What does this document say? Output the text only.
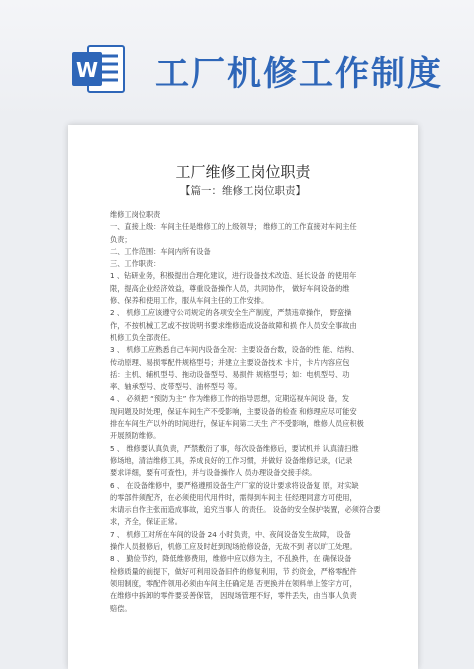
W 工厂机修工作制度
工厂维修工岗位职责
【篇一：维修工岗位职责】
维修工岗位职责
一、直接上级：车间主任是维修工的上级领导； 维修工的工作直接对车间主任
负责；
二、工作范围：车间内所有设备
三、工作职责：
1 、钻研业务，积极提出合理化建议，进行设备技术改造、延长设备 的使用年
限，提高企业经济效益，尊重设备操作人员，共同协作， 做好车间设备的维
修、保养和使用工作，服从车间主任的工作安排。
2 、 机修工应该遵守公司规定的各项安全生产制度，严禁违章操作， 野蛮操
作，不按机械工艺或不按说明书要求维修造成设备故障和损 作人员安全事故由
机修工负全部责任。
3 、 机修工应熟悉自己车间内设备全况：主要设备台数，设备的性 能、结构、
传动原理、易损零配件规格型号；并建立主要设备技术 卡片，卡片内容应包
括：主机、辅机型号、拖动设备型号、易损件 规格型号；如：电机型号、功
率、轴承型号、皮带型号、油杯型号 等。
4 、 必须把 “预防为主” 作为维修工作的指导思想，定期巡视车间设 备，发
现问题及时处理，保证车间生产不受影响，主要设备的检查 和修理应尽可能安
排在车间生产以外的时间进行，保证车间第二天生 产不受影响，维修人员应积极
开展预防维修。
5 、 维修要认真负责，严禁敷衍了事，每次设备维修后，要试机并 认真清扫维
修场地，清洁维修工具，养成良好的工作习惯，并做好 设备维修记录，(记录
要求详细，要有可查性)，并与设备操作人 员办理设备交接手续。
6 、 在设备维修中，要严格遵照设备生产厂家的设计要求将设备复 原，对实缺
的零部件须配齐，在必须使用代用件时，需得到车间主 任经理同意方可使用，
未请示自作主张而造成事故，追究当事人 的责任。 设备的安全保护装置，必须符合要
求，齐全，保证正常。
7 、 机修工对所在车间的设备 24 小时负责，中、夜间设备发生故障， 设备
操作人员报修后，机修工应及时赶到现场抢修设备，无故不到 者以旷工处理。
8 、 勤俭节约，降低维修费用，维修中应以修为主，不乱换件，在 确保设备
检修质量的前提下，做好可利用设备旧件的修复利用，节 约资金，严格零配件
领用制度，零配件领用必须由车间主任确定是 否更换并在领料单上签字方可，
在维修中拆卸的零件要妥善保管， 因现场管理不好，零件丢失，由当事人负责
赔偿。
